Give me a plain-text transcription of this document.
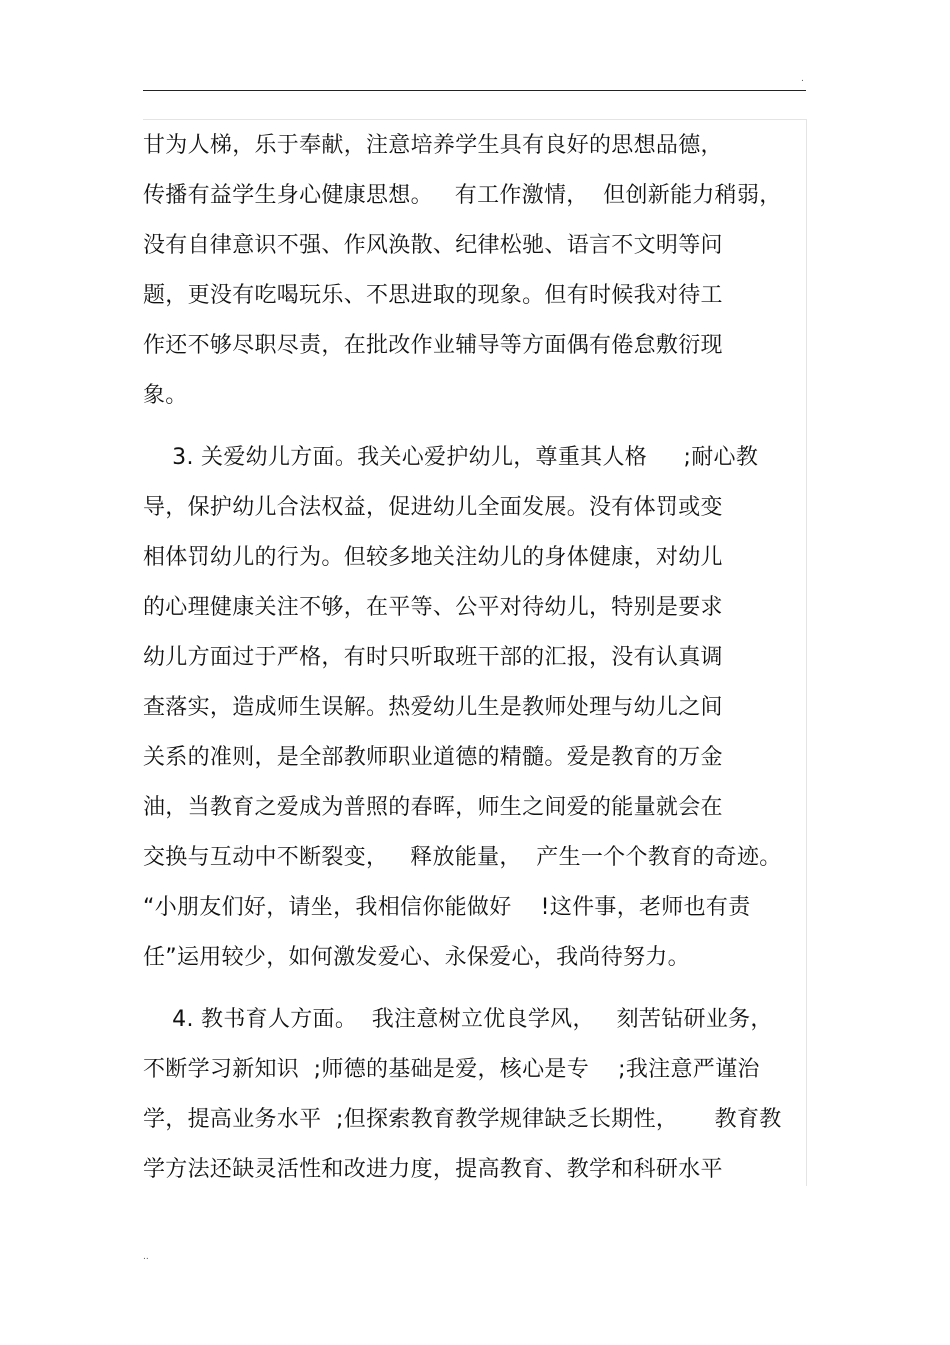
.
甘为人梯，乐于奉献，注意培养学生具有良好的思想品德，
传播有益学生身心健康思想。   有工作激情，  但创新能力稍弱，
没有自律意识不强、作风涣散、纪律松驰、语言不文明等问
题，更没有吃喝玩乐、不思进取的现象。但有时候我对待工
作还不够尽职尽责，在批改作业辅导等方面偶有倦怠敷衍现
象。
3. 关爱幼儿方面。我关心爱护幼儿，尊重其人格     ;耐心教
导，保护幼儿合法权益，促进幼儿全面发展。没有体罚或变
相体罚幼儿的行为。但较多地关注幼儿的身体健康，对幼儿
的心理健康关注不够，在平等、公平对待幼儿，特别是要求
幼儿方面过于严格，有时只听取班干部的汇报，没有认真调
查落实，造成师生误解。热爱幼儿生是教师处理与幼儿之间
关系的准则，是全部教师职业道德的精髓。爱是教育的万金
油，当教育之爱成为普照的春晖，师生之间爱的能量就会在
交换与互动中不断裂变，   释放能量，  产生一个个教育的奇迹。
“小朋友们好，请坐，我相信你能做好    !这件事，老师也有责
任”运用较少，如何激发爱心、永保爱心，我尚待努力。
4. 教书育人方面。  我注意树立优良学风，   刻苦钻研业务，
不断学习新知识  ;师德的基础是爱，核心是专    ;我注意严谨治
学，提高业务水平  ;但探索教育教学规律缺乏长期性，     教育教
学方法还缺灵活性和改进力度，提高教育、教学和科研水平
..
